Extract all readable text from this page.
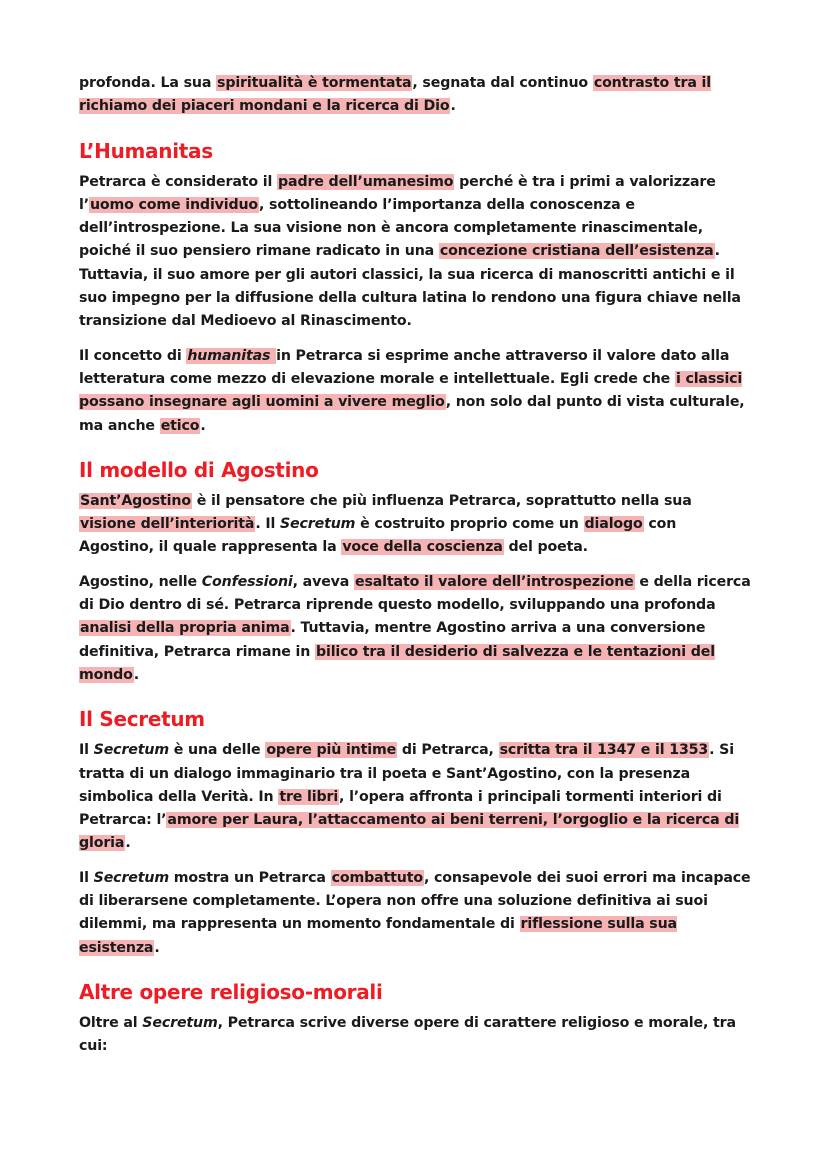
profonda. La sua spiritualità è tormentata, segnata dal continuo contrasto tra il richiamo dei piaceri mondani e la ricerca di Dio.

L’Humanitas

Petrarca è considerato il padre dell’umanesimo perché è tra i primi a valorizzare l’uomo come individuo, sottolineando l’importanza della conoscenza e dell’introspezione. La sua visione non è ancora completamente rinascimentale, poiché il suo pensiero rimane radicato in una concezione cristiana dell’esistenza. Tuttavia, il suo amore per gli autori classici, la sua ricerca di manoscritti antichi e il suo impegno per la diffusione della cultura latina lo rendono una figura chiave nella transizione dal Medioevo al Rinascimento.

Il concetto di humanitas in Petrarca si esprime anche attraverso il valore dato alla letteratura come mezzo di elevazione morale e intellettuale. Egli crede che i classici possano insegnare agli uomini a vivere meglio, non solo dal punto di vista culturale, ma anche etico.

Il modello di Agostino

Sant’Agostino è il pensatore che più influenza Petrarca, soprattutto nella sua visione dell’interiorità. Il Secretum è costruito proprio come un dialogo con Agostino, il quale rappresenta la voce della coscienza del poeta.

Agostino, nelle Confessioni, aveva esaltato il valore dell’introspezione e della ricerca di Dio dentro di sé. Petrarca riprende questo modello, sviluppando una profonda analisi della propria anima. Tuttavia, mentre Agostino arriva a una conversione definitiva, Petrarca rimane in bilico tra il desiderio di salvezza e le tentazioni del mondo.

Il Secretum

Il Secretum è una delle opere più intime di Petrarca, scritta tra il 1347 e il 1353. Si tratta di un dialogo immaginario tra il poeta e Sant’Agostino, con la presenza simbolica della Verità. In tre libri, l’opera affronta i principali tormenti interiori di Petrarca: l’amore per Laura, l’attaccamento ai beni terreni, l’orgoglio e la ricerca di gloria.

Il Secretum mostra un Petrarca combattuto, consapevole dei suoi errori ma incapace di liberarsene completamente. L’opera non offre una soluzione definitiva ai suoi dilemmi, ma rappresenta un momento fondamentale di riflessione sulla sua esistenza.

Altre opere religioso-morali

Oltre al Secretum, Petrarca scrive diverse opere di carattere religioso e morale, tra cui:
